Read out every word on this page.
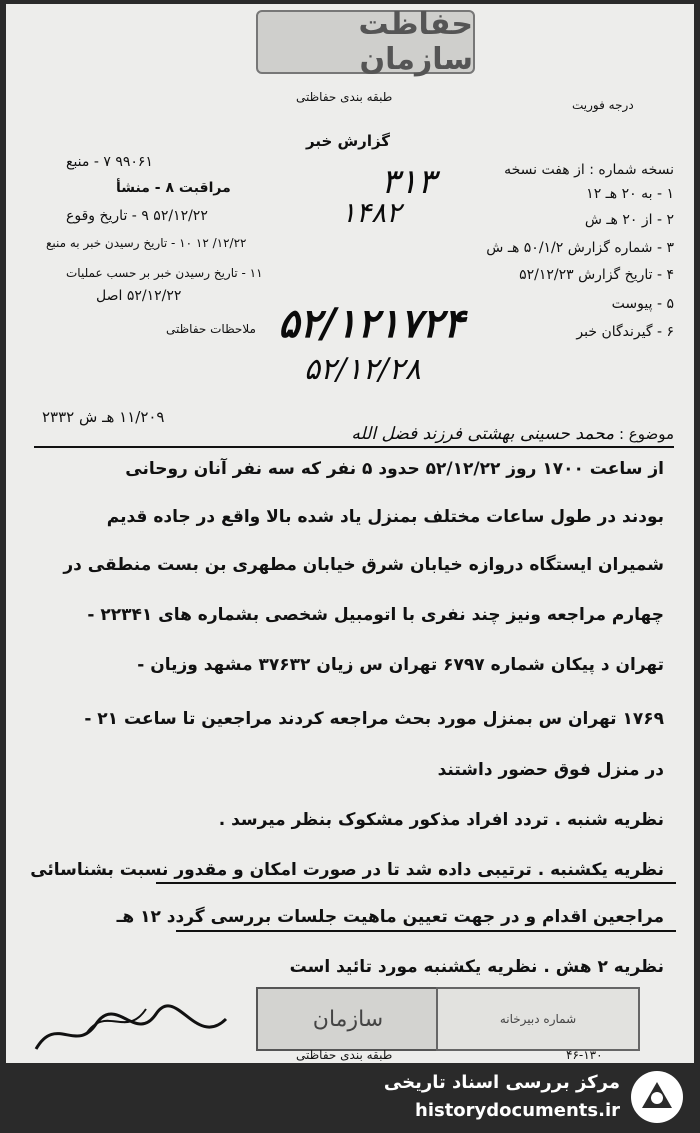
حفاظت سازمان
طبقه بندی حفاظتی
درجه فوریت
گزارش خبر
نسخه شماره : از هفت نسخه
۱ - به ۲۰ هـ ۱۲
۲ - از ۲۰ هـ ش
۳ - شماره گزارش ۵۰/۱/۲ هـ ش
۴ - تاریخ گزارش ۵۲/۱۲/۲۳
۵ - پیوست
۶ - گیرندگان خبر
۹۹۰۶۱ ۷ - منبع
مراقبت ۸ - منشأ
۵۲/۱۲/۲۲ ۹ - تاریخ وقوع
۱۲/۲۲/ ۱۲ ۱۰ - تاریخ رسیدن خبر به منبع
۱۱ - تاریخ رسیدن خبر بر حسب عملیات
۵۲/۱۲/۲۲ اصل
ملاحظات حفاظتی
۳۱۳
۱۴۸۲
۵۲/۱۲۱۷۲۴
۵۲/۱۲/۲۸
موضوع : محمد حسینی بهشتی فرزند فضل الله
۱۱/۲۰۹ هـ ش ۲۳۳۲
از ساعت ۱۷۰۰ روز ۵۲/۱۲/۲۲ حدود ۵ نفر که سه نفر آنان روحانی
بودند در طول ساعات مختلف بمنزل یاد شده بالا واقع در جاده قدیم
شمیران ایستگاه دروازه خیابان شرق خیابان مطهری بن بست منطقی در
چهارم مراجعه ونیز چند نفری با اتومبیل شخصی بشماره های ۲۲۳۴۱ -
تهران د پیکان شماره ۶۷۹۷ تهران س زیان ۳۷۶۳۲ مشهد وزیان -
۱۷۶۹ تهران س بمنزل مورد بحث مراجعه کردند مراجعین تا ساعت ۲۱ -
در منزل فوق حضور داشتند
نظریه شنبه . تردد افراد مذکور مشکوک بنظر میرسد .
نظریه یکشنبه . ترتیبی داده شد تا در صورت امکان و مقدور نسبت بشناسائی
مراجعین اقدام و در جهت تعیین ماهیت جلسات بررسی گردد ۱۲ هـ
نظریه ۲ هش . نظریه یکشنبه مورد تائید است
سازمان	شماره دبیرخانه
طبقه بندی حفاظتی	۴۶-۱۳۰
مرکز بررسی اسناد تاریخی
historydocuments.ir
